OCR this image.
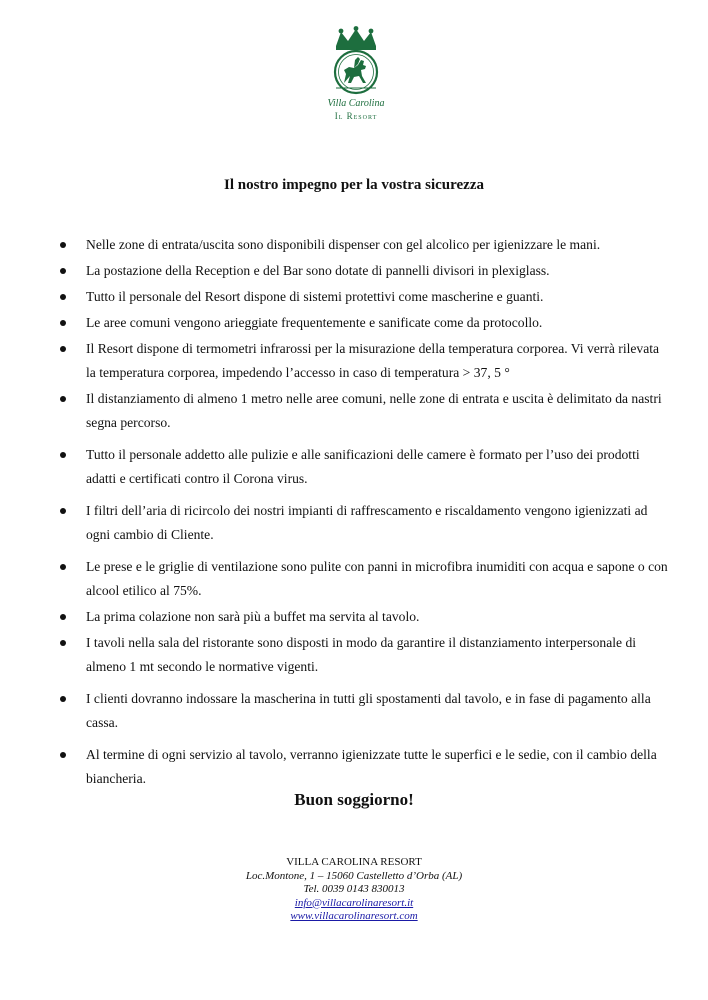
Villa Carolina
Il Resort
Il nostro impegno per la vostra sicurezza
Nelle zone di entrata/uscita sono disponibili dispenser con gel alcolico per igienizzare le mani.
La postazione della Reception e del Bar sono dotate di pannelli divisori in plexiglass.
Tutto il personale del Resort dispone di sistemi protettivi come mascherine e guanti.
Le aree comuni vengono arieggiate frequentemente e sanificate come da protocollo.
Il Resort dispone di termometri infrarossi per la misurazione della temperatura corporea. Vi verrà rilevata la temperatura corporea, impedendo l’accesso in caso di temperatura > 37, 5 °
Il distanziamento di almeno 1 metro nelle aree comuni, nelle zone di entrata e uscita è delimitato da nastri segna percorso.
Tutto il personale addetto alle pulizie e alle sanificazioni delle camere è formato per l’uso dei prodotti adatti e certificati contro il Corona virus.
I filtri dell’aria di ricircolo dei nostri impianti di raffrescamento e riscaldamento vengono igienizzati ad ogni cambio di Cliente.
Le prese e le griglie di ventilazione sono pulite con panni in microfibra inumiditi con acqua e sapone o con alcool etilico al 75%.
La prima colazione non sarà più a buffet ma servita al tavolo.
I tavoli nella sala del ristorante sono disposti in modo da garantire il distanziamento interpersonale di almeno 1 mt secondo le normative vigenti.
I clienti dovranno indossare la mascherina in tutti gli spostamenti dal tavolo, e in fase di pagamento alla cassa.
Al termine di ogni servizio al tavolo, verranno igienizzate tutte le superfici e le sedie, con il cambio della biancheria.
Buon soggiorno!
VILLA CAROLINA RESORT
Loc.Montone, 1 – 15060 Castelletto d’Orba (AL)
Tel. 0039 0143 830013
info@villacarolinaresort.it
www.villacarolinaresort.com
